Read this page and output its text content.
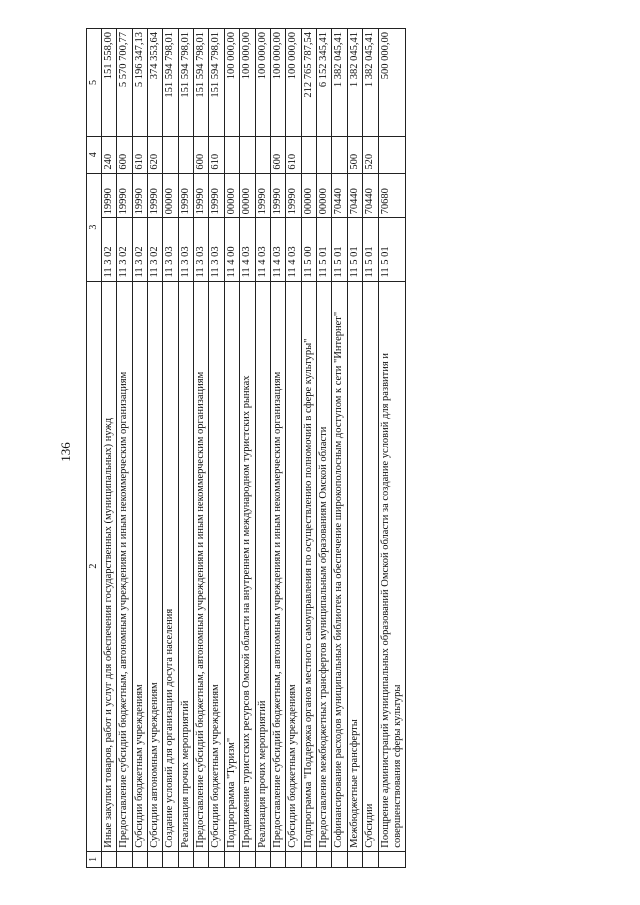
136
1	2	3		4	5
	Иные закупки товаров, работ и услуг для обеспечения государственных (муниципальных) нужд	11 3 02	19990	240	151 558,00
	Предоставление субсидий бюджетным, автономным учреждениям и иным некоммерческим организациям	11 3 02	19990	600	5 570 700,77
	Субсидии бюджетным учреждениям	11 3 02	19990	610	5 196 347,13
	Субсидии автономным учреждениям	11 3 02	19990	620	374 353,64
	Создание условий для организации досуга населения	11 3 03	00000		151 594 798,01
	Реализация прочих мероприятий	11 3 03	19990		151 594 798,01
	Предоставление субсидий бюджетным, автономным учреждениям и иным некоммерческим организациям	11 3 03	19990	600	151 594 798,01
	Субсидии бюджетным учреждениям	11 3 03	19990	610	151 594 798,01
	Подпрограмма "Туризм"	11 4 00	00000		100 000,00
	Продвижение туристских ресурсов Омской области на внутреннем и международном туристских рынках	11 4 03	00000		100 000,00
	Реализация прочих мероприятий	11 4 03	19990		100 000,00
	Предоставление субсидий бюджетным, автономным учреждениям и иным некоммерческим организациям	11 4 03	19990	600	100 000,00
	Субсидии бюджетным учреждениям	11 4 03	19990	610	100 000,00
	Подпрограмма "Поддержка органов местного самоуправления по осуществлению полномочий в сфере культуры"	11 5 00	00000		212 765 787,54
	Предоставление межбюджетных трансфертов муниципальным образованиям Омской области	11 5 01	00000		6 152 345,41
	Софинансирование расходов муниципальных библиотек на обеспечение широкополосным доступом к сети "Интернет"	11 5 01	70440		1 382 045,41
	Межбюджетные трансферты	11 5 01	70440	500	1 382 045,41
	Субсидии	11 5 01	70440	520	1 382 045,41
	Поощрение администраций муниципальных образований Омской области за создание условий для развития и совершенствования сферы культуры	11 5 01	70680		500 000,00
